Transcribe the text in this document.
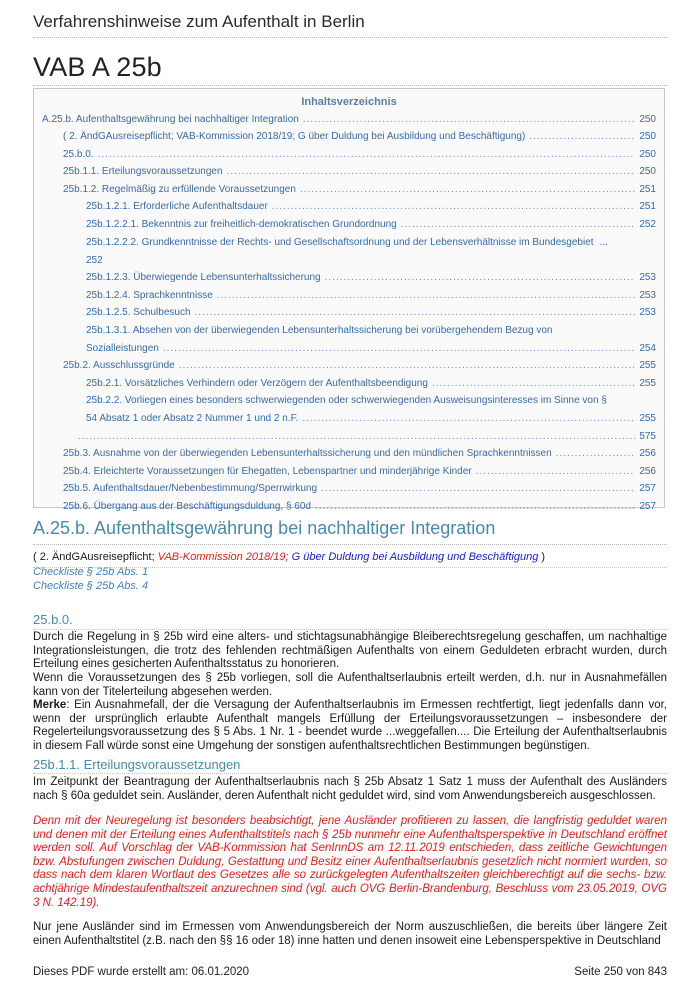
Verfahrenshinweise zum Aufenthalt in Berlin
VAB A 25b
Inhaltsverzeichnis
A.25.b. Aufenthaltsgewährung bei nachhaltiger Integration .....	250
( 2. ÄndGAusreisepflicht; VAB-Kommission 2018/19; G über Duldung bei Ausbildung und Beschäftigung) .....	250
25.b.0. .....	250
25b.1.1. Erteilungsvoraussetzungen .....	250
25b.1.2. Regelmäßig zu erfüllende Voraussetzungen .....	251
25b.1.2.1. Erforderliche Aufenthaltsdauer .....	251
25b.1.2.2.1. Bekenntnis zur freiheitlich-demokratischen Grundordnung .....	252
25b.1.2.2.2. Grundkenntnisse der Rechts- und Gesellschaftsordnung und der Lebensverhältnisse im Bundesgebiet ...
252
25b.1.2.3. Überwiegende Lebensunterhaltssicherung .....	253
25b.1.2.4. Sprachkenntnisse .....	253
25b.1.2.5. Schulbesuch .....	253
25b.1.3.1. Absehen von der überwiegenden Lebensunterhaltssicherung bei vorübergehendem Bezug von
Sozialleistungen .....	254
25b.2. Ausschlussgründe .....	255
25b.2.1. Vorsätzliches Verhindern oder Verzögern der Aufenthaltsbeendigung .....	255
25b.2.2. Vorliegen eines besonders schwerwiegenden oder schwerwiegenden Ausweisungsinteresses im Sinne von §
54 Absatz 1 oder Absatz 2 Nummer 1 und 2 n.F. .....	255
.....
575
25b.3. Ausnahme von der überwiegenden Lebensunterhaltssicherung und den mündlichen Sprachkenntnissen .....	256
25b.4. Erleichterte Voraussetzungen für Ehegatten, Lebenspartner und minderjährige Kinder .....	256
25b.5. Aufenthaltsdauer/Nebenbestimmung/Sperrwirkung .....	257
25b.6. Übergang aus der Beschäftigungsduldung, § 60d .....	257
A.25.b. Aufenthaltsgewährung bei nachhaltiger Integration
( 2. ÄndGAusreisepflicht; VAB-Kommission 2018/19; G über Duldung bei Ausbildung und Beschäftigung )
Checkliste § 25b Abs. 1
Checkliste § 25b Abs. 4
25.b.0.
Durch die Regelung in § 25b wird eine alters- und stichtagsunabhängige Bleiberechtsregelung geschaffen, um nachhaltige Integrationsleistungen, die trotz des fehlenden rechtmäßigen Aufenthalts von einem Geduldeten erbracht wurden, durch Erteilung eines gesicherten Aufenthaltsstatus zu honorieren.
Wenn die Voraussetzungen des § 25b vorliegen, soll die Aufenthaltserlaubnis erteilt werden, d.h. nur in Ausnahmefällen kann von der Titelerteilung abgesehen werden.
Merke: Ein Ausnahmefall, der die Versagung der Aufenthaltserlaubnis im Ermessen rechtfertigt, liegt jedenfalls dann vor, wenn der ursprünglich erlaubte Aufenthalt mangels Erfüllung der Erteilungsvoraussetzungen – insbesondere der Regelerteilungsvoraussetzung des § 5 Abs. 1 Nr. 1 - beendet wurde ...weggefallen.... Die Erteilung der Aufenthaltserlaubnis in diesem Fall würde sonst eine Umgehung der sonstigen aufenthaltsrechtlichen Bestimmungen begünstigen.
25b.1.1. Erteilungsvoraussetzungen
Im Zeitpunkt der Beantragung der Aufenthaltserlaubnis nach § 25b Absatz 1 Satz 1 muss der Aufenthalt des Ausländers nach § 60a geduldet sein. Ausländer, deren Aufenthalt nicht geduldet wird, sind vom Anwendungsbereich ausgeschlossen.
Denn mit der Neuregelung ist besonders beabsichtigt, jene Ausländer profitieren zu lassen, die langfristig geduldet waren und denen mit der Erteilung eines Aufenthaltstitels nach § 25b nunmehr eine Aufenthaltsperspektive in Deutschland eröffnet werden soll. Auf Vorschlag der VAB-Kommission hat SenInnDS am 12.11.2019 entschieden, dass zeitliche Gewichtungen bzw. Abstufungen zwischen Duldung, Gestattung und Besitz einer Aufenthaltserlaubnis gesetzlich nicht normiert wurden, so dass nach dem klaren Wortlaut des Gesetzes alle so zurückgelegten Aufenthaltszeiten gleichberechtigt auf die sechs- bzw. achtjährige Mindestaufenthaltszeit anzurechnen sind (vgl. auch OVG Berlin-Brandenburg, Beschluss vom 23.05.2019, OVG 3 N. 142.19).
Nur jene Ausländer sind im Ermessen vom Anwendungsbereich der Norm auszuschließen, die bereits über längere Zeit einen Aufenthaltstitel (z.B. nach den §§ 16 oder 18) inne hatten und denen insoweit eine Lebensperspektive in Deutschland
Dieses PDF wurde erstellt am: 06.01.2020	Seite 250 von 843
